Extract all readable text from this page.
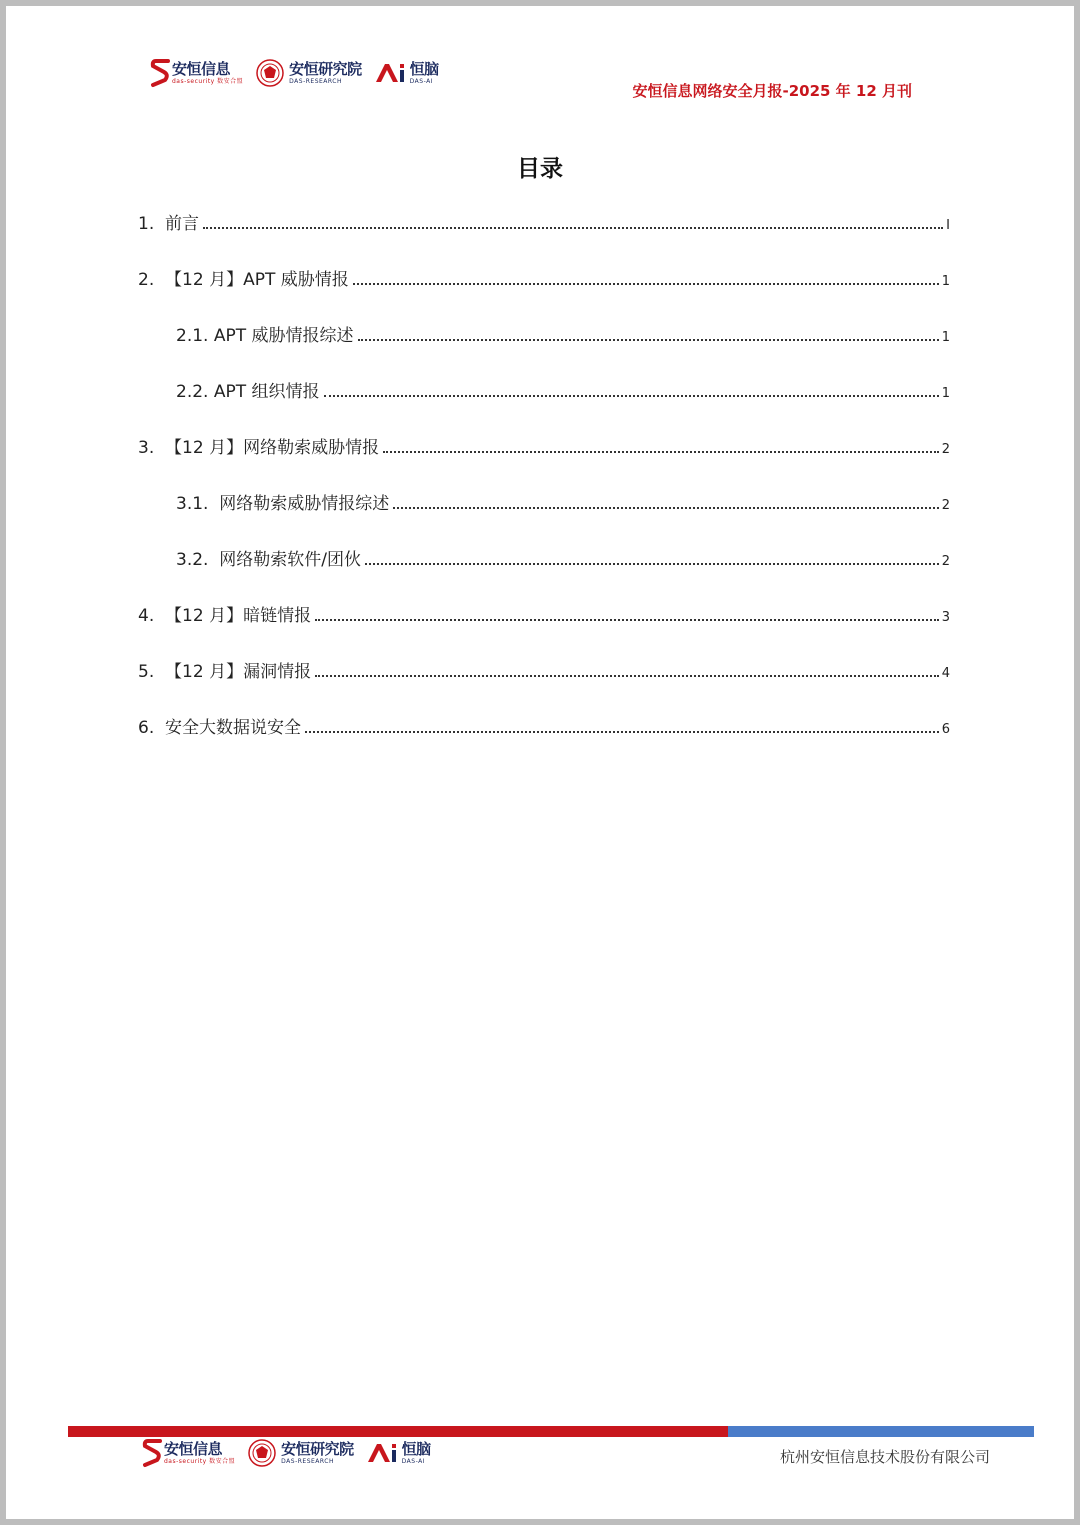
安恒信息
das-security 数安合盟
安恒研究院
DAS-RESEARCH
恒脑
DAS-AI
安恒信息网络安全月报-2025 年 12 月刊
目录
1. 前言	I
2. 【12 月】APT 威胁情报	1
2.1. APT 威胁情报综述	1
2.2. APT 组织情报	1
3. 【12 月】网络勒索威胁情报	2
3.1. 网络勒索威胁情报综述	2
3.2. 网络勒索软件/团伙	2
4. 【12 月】暗链情报	3
5. 【12 月】漏洞情报	4
6. 安全大数据说安全	6
安恒信息
das-security 数安合盟
安恒研究院
DAS-RESEARCH
恒脑
DAS-AI	杭州安恒信息技术股份有限公司
